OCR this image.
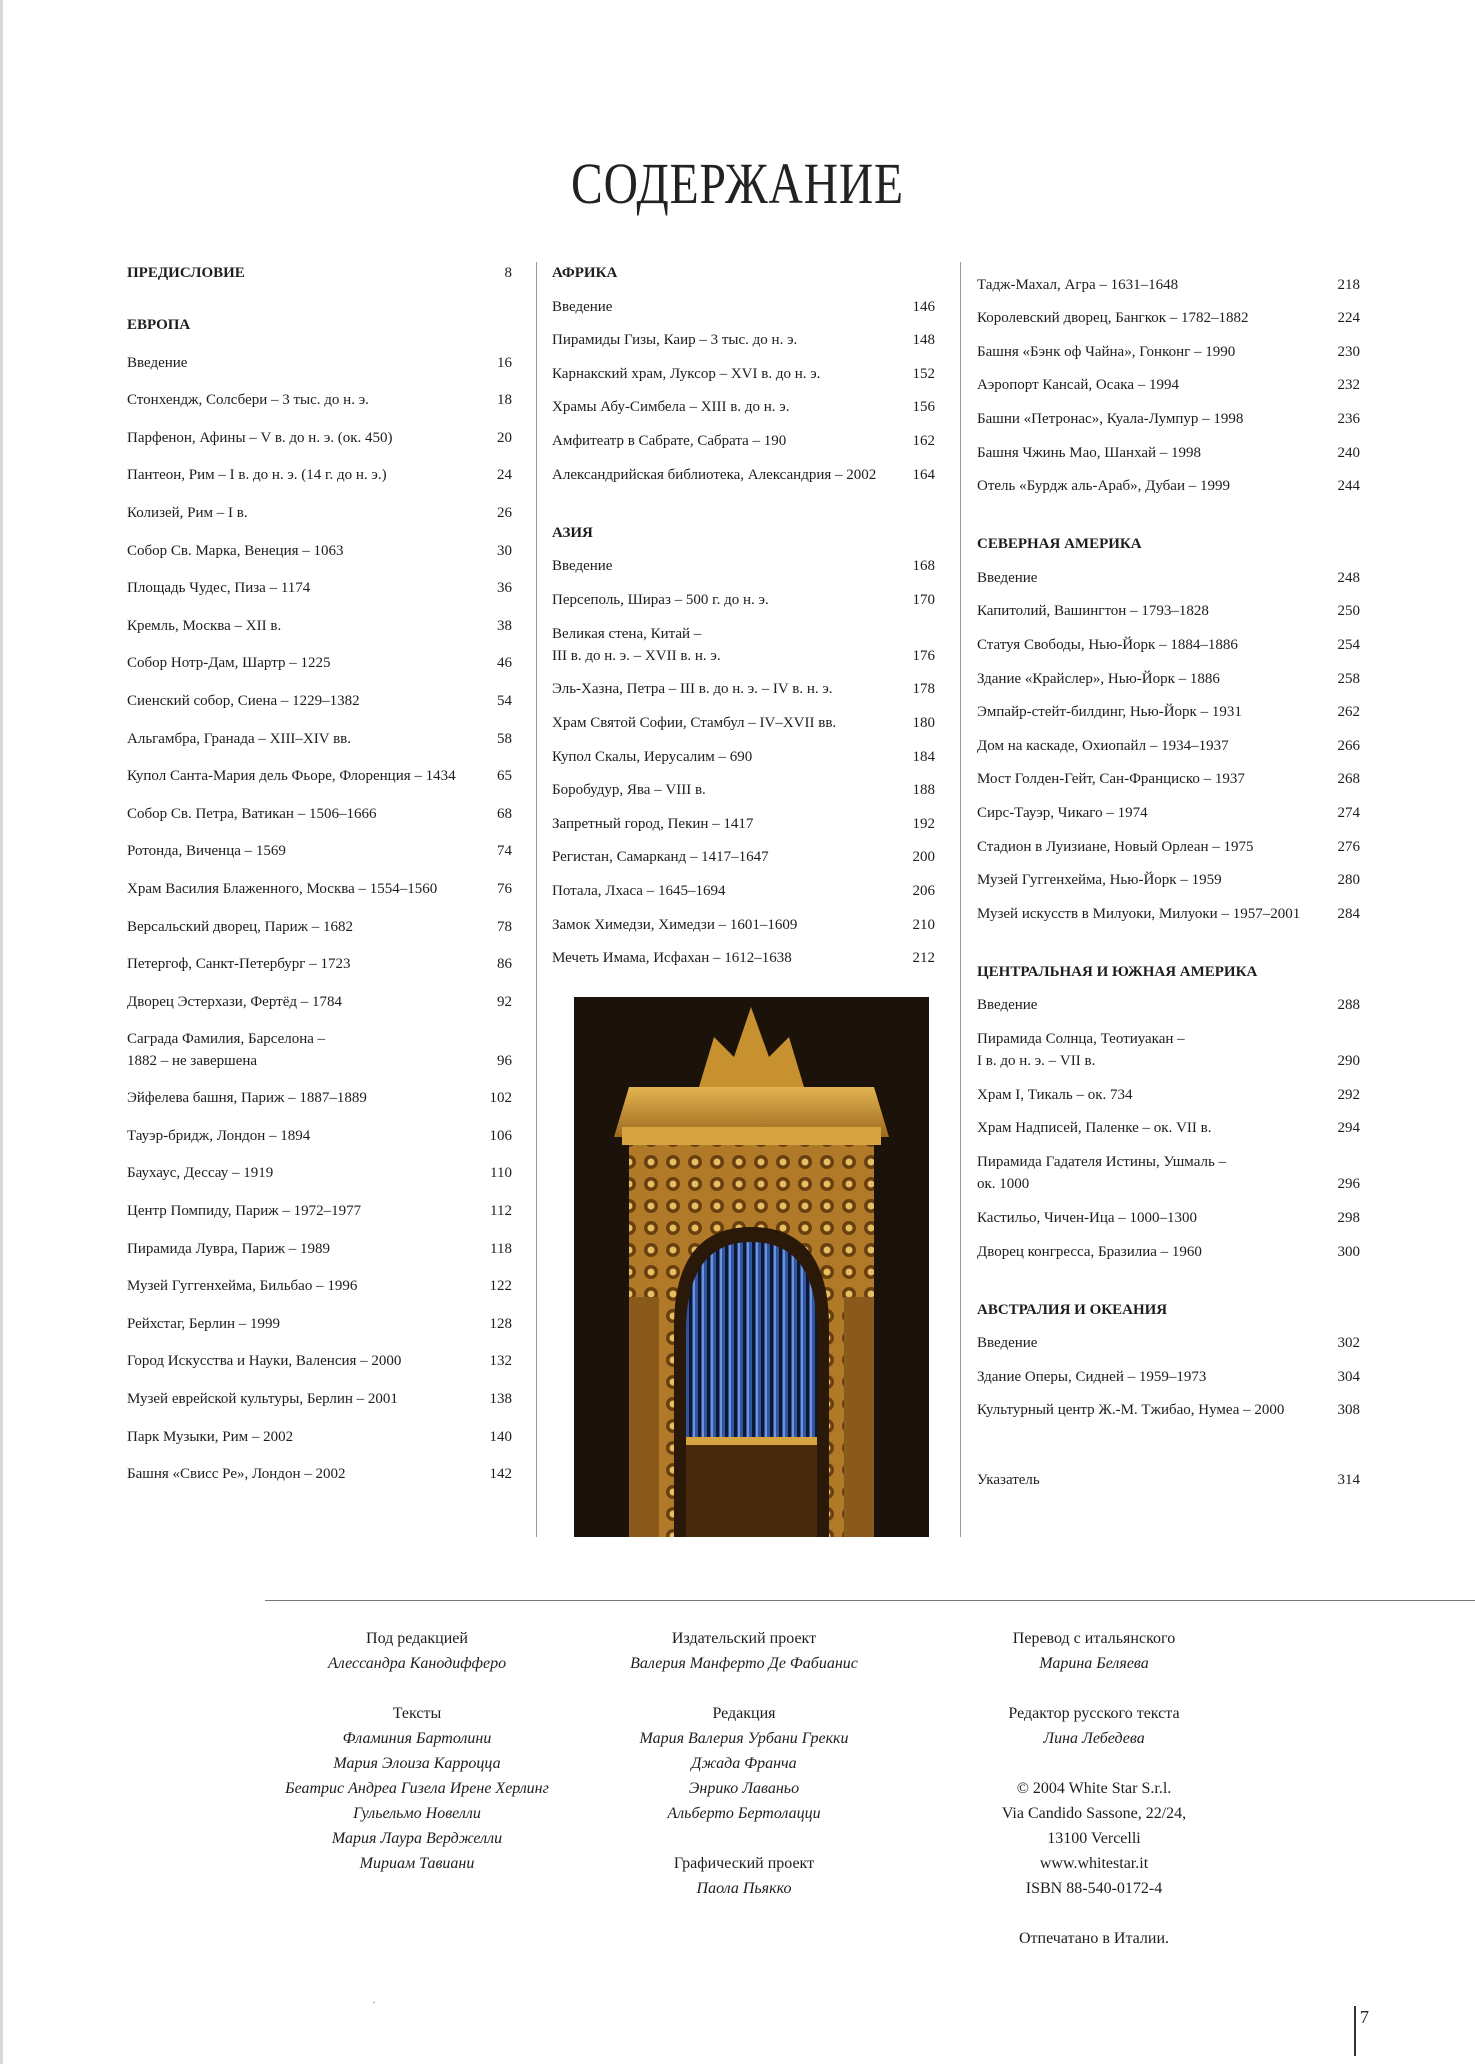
СОДЕРЖАНИЕ
ПРЕДИСЛОВИЕ	8
ЕВРОПА
Введение	16
Стонхендж, Солсбери – 3 тыс. до н. э.	18
Парфенон, Афины – V в. до н. э. (ок. 450)	20
Пантеон, Рим – I в. до н. э. (14 г. до н. э.)	24
Колизей, Рим – I в.	26
Собор Св. Марка, Венеция – 1063	30
Площадь Чудес, Пиза – 1174	36
Кремль, Москва – XII в.	38
Собор Нотр-Дам, Шартр – 1225	46
Сиенский собор, Сиена – 1229–1382	54
Альгамбра, Гранада – XIII–XIV вв.	58
Купол Санта-Мария дель Фьоре, Флоренция – 1434	65
Собор Св. Петра, Ватикан – 1506–1666	68
Ротонда, Виченца – 1569	74
Храм Василия Блаженного, Москва – 1554–1560	76
Версальский дворец, Париж – 1682	78
Петергоф, Санкт-Петербург – 1723	86
Дворец Эстерхази, Фертёд – 1784	92
Саграда Фамилия, Барселона –
1882 – не завершена	96
Эйфелева башня, Париж – 1887–1889	102
Тауэр-бридж, Лондон – 1894	106
Баухаус, Дессау – 1919	110
Центр Помпиду, Париж – 1972–1977	112
Пирамида Лувра, Париж – 1989	118
Музей Гуггенхейма, Бильбао – 1996	122
Рейхстаг, Берлин – 1999	128
Город Искусства и Науки, Валенсия – 2000	132
Музей еврейской культуры, Берлин – 2001	138
Парк Музыки, Рим – 2002	140
Башня «Свисс Ре», Лондон – 2002	142
АФРИКА
Введение	146
Пирамиды Гизы, Каир – 3 тыс. до н. э.	148
Карнакский храм, Луксор – XVI в. до н. э.	152
Храмы Абу-Симбела – XIII в. до н. э.	156
Амфитеатр в Сабрате, Сабрата – 190	162
Александрийская библиотека, Александрия – 2002	164
АЗИЯ
Введение	168
Персеполь, Шираз – 500 г. до н. э.	170
Великая стена, Китай –
III в. до н. э. – XVII в. н. э.	176
Эль-Хазна, Петра – III в. до н. э. – IV в. н. э.	178
Храм Святой Софии, Стамбул – IV–XVII вв.	180
Купол Скалы, Иерусалим – 690	184
Боробудур, Ява – VIII в.	188
Запретный город, Пекин – 1417	192
Регистан, Самарканд – 1417–1647	200
Потала, Лхаса – 1645–1694	206
Замок Химедзи, Химедзи – 1601–1609	210
Мечеть Имама, Исфахан – 1612–1638	212
Тадж-Махал, Агра – 1631–1648	218
Королевский дворец, Бангкок – 1782–1882	224
Башня «Бэнк оф Чайна», Гонконг – 1990	230
Аэропорт Кансай, Осака – 1994	232
Башни «Петронас», Куала-Лумпур – 1998	236
Башня Чжинь Мао, Шанхай – 1998	240
Отель «Бурдж аль-Араб», Дубаи – 1999	244
СЕВЕРНАЯ АМЕРИКА
Введение	248
Капитолий, Вашингтон – 1793–1828	250
Статуя Свободы, Нью-Йорк – 1884–1886	254
Здание «Крайслер», Нью-Йорк – 1886	258
Эмпайр-стейт-билдинг, Нью-Йорк – 1931	262
Дом на каскаде, Охиопайл – 1934–1937	266
Мост Голден-Гейт, Сан-Франциско – 1937	268
Сирс-Тауэр, Чикаго – 1974	274
Стадион в Луизиане, Новый Орлеан – 1975	276
Музей Гуггенхейма, Нью-Йорк – 1959	280
Музей искусств в Милуоки, Милуоки – 1957–2001	284
ЦЕНТРАЛЬНАЯ И ЮЖНАЯ АМЕРИКА
Введение	288
Пирамида Солнца, Теотиуакан –
I в. до н. э. – VII в.	290
Храм I, Тикаль – ок. 734	292
Храм Надписей, Паленке – ок. VII в.	294
Пирамида Гадателя Истины, Ушмаль –
ок. 1000	296
Кастильо, Чичен-Ица – 1000–1300	298
Дворец конгресса, Бразилиа – 1960	300
АВСТРАЛИЯ И ОКЕАНИЯ
Введение	302
Здание Оперы, Сидней – 1959–1973	304
Культурный центр Ж.-М. Тжибао, Нумеа – 2000	308
Указатель	314
Под редакцией
Алессандра Канодифферо
Тексты
Фламиния Бартолини
Мария Элоиза Карроцца
Беатрис Андреа Гизела Ирене Херлинг
Гульельмо Новелли
Мария Лаура Верджелли
Мириам Тавиани
Издательский проект
Валерия Манферто Де Фабианис
Редакция
Мария Валерия Урбани Грекки
Джада Франча
Энрико Лаваньо
Альберто Бертолацци
Графический проект
Паола Пьякко
Перевод с итальянского
Марина Беляева
Редактор русского текста
Лина Лебедева
© 2004 White Star S.r.l.
Via Candido Sassone, 22/24,
13100 Vercelli
www.whitestar.it
ISBN 88-540-0172-4
Отпечатано в Италии.
ˌ
7
